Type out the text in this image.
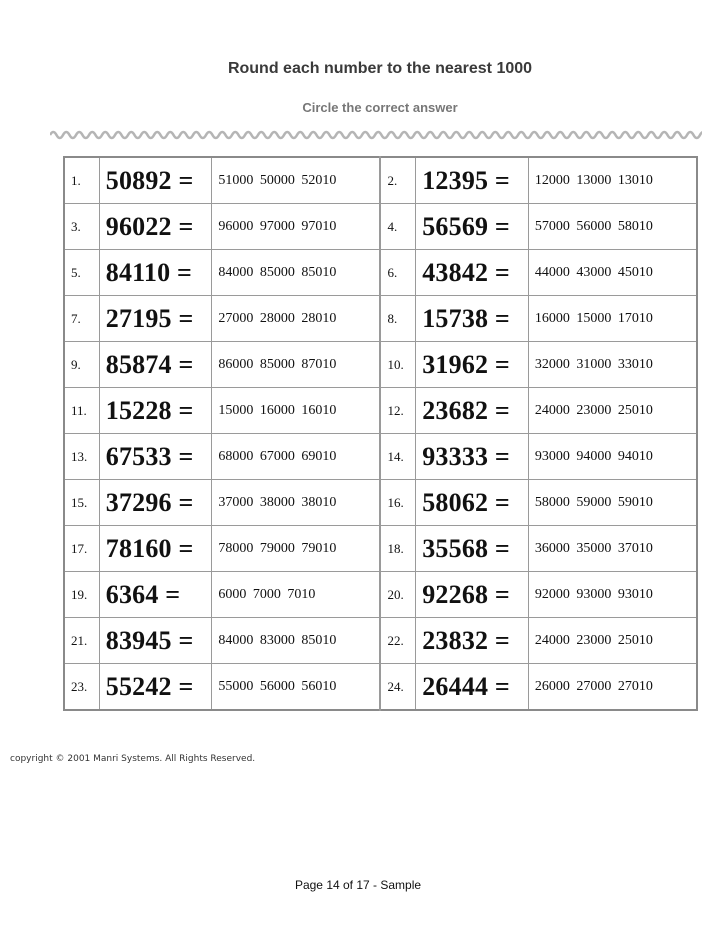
Round each number to the nearest 1000
Circle the correct answer
1.	50892 =	51000 50000 52010	2.	12395 =	12000 13000 13010
3.	96022 =	96000 97000 97010	4.	56569 =	57000 56000 58010
5.	84110 =	84000 85000 85010	6.	43842 =	44000 43000 45010
7.	27195 =	27000 28000 28010	8.	15738 =	16000 15000 17010
9.	85874 =	86000 85000 87010	10.	31962 =	32000 31000 33010
11.	15228 =	15000 16000 16010	12.	23682 =	24000 23000 25010
13.	67533 =	68000 67000 69010	14.	93333 =	93000 94000 94010
15.	37296 =	37000 38000 38010	16.	58062 =	58000 59000 59010
17.	78160 =	78000 79000 79010	18.	35568 =	36000 35000 37010
19.	6364 =	6000 7000 7010	20.	92268 =	92000 93000 93010
21.	83945 =	84000 83000 85010	22.	23832 =	24000 23000 25010
23.	55242 =	55000 56000 56010	24.	26444 =	26000 27000 27010
copyright © 2001 Manri Systems. All Rights Reserved.
Page 14 of 17 - Sample
